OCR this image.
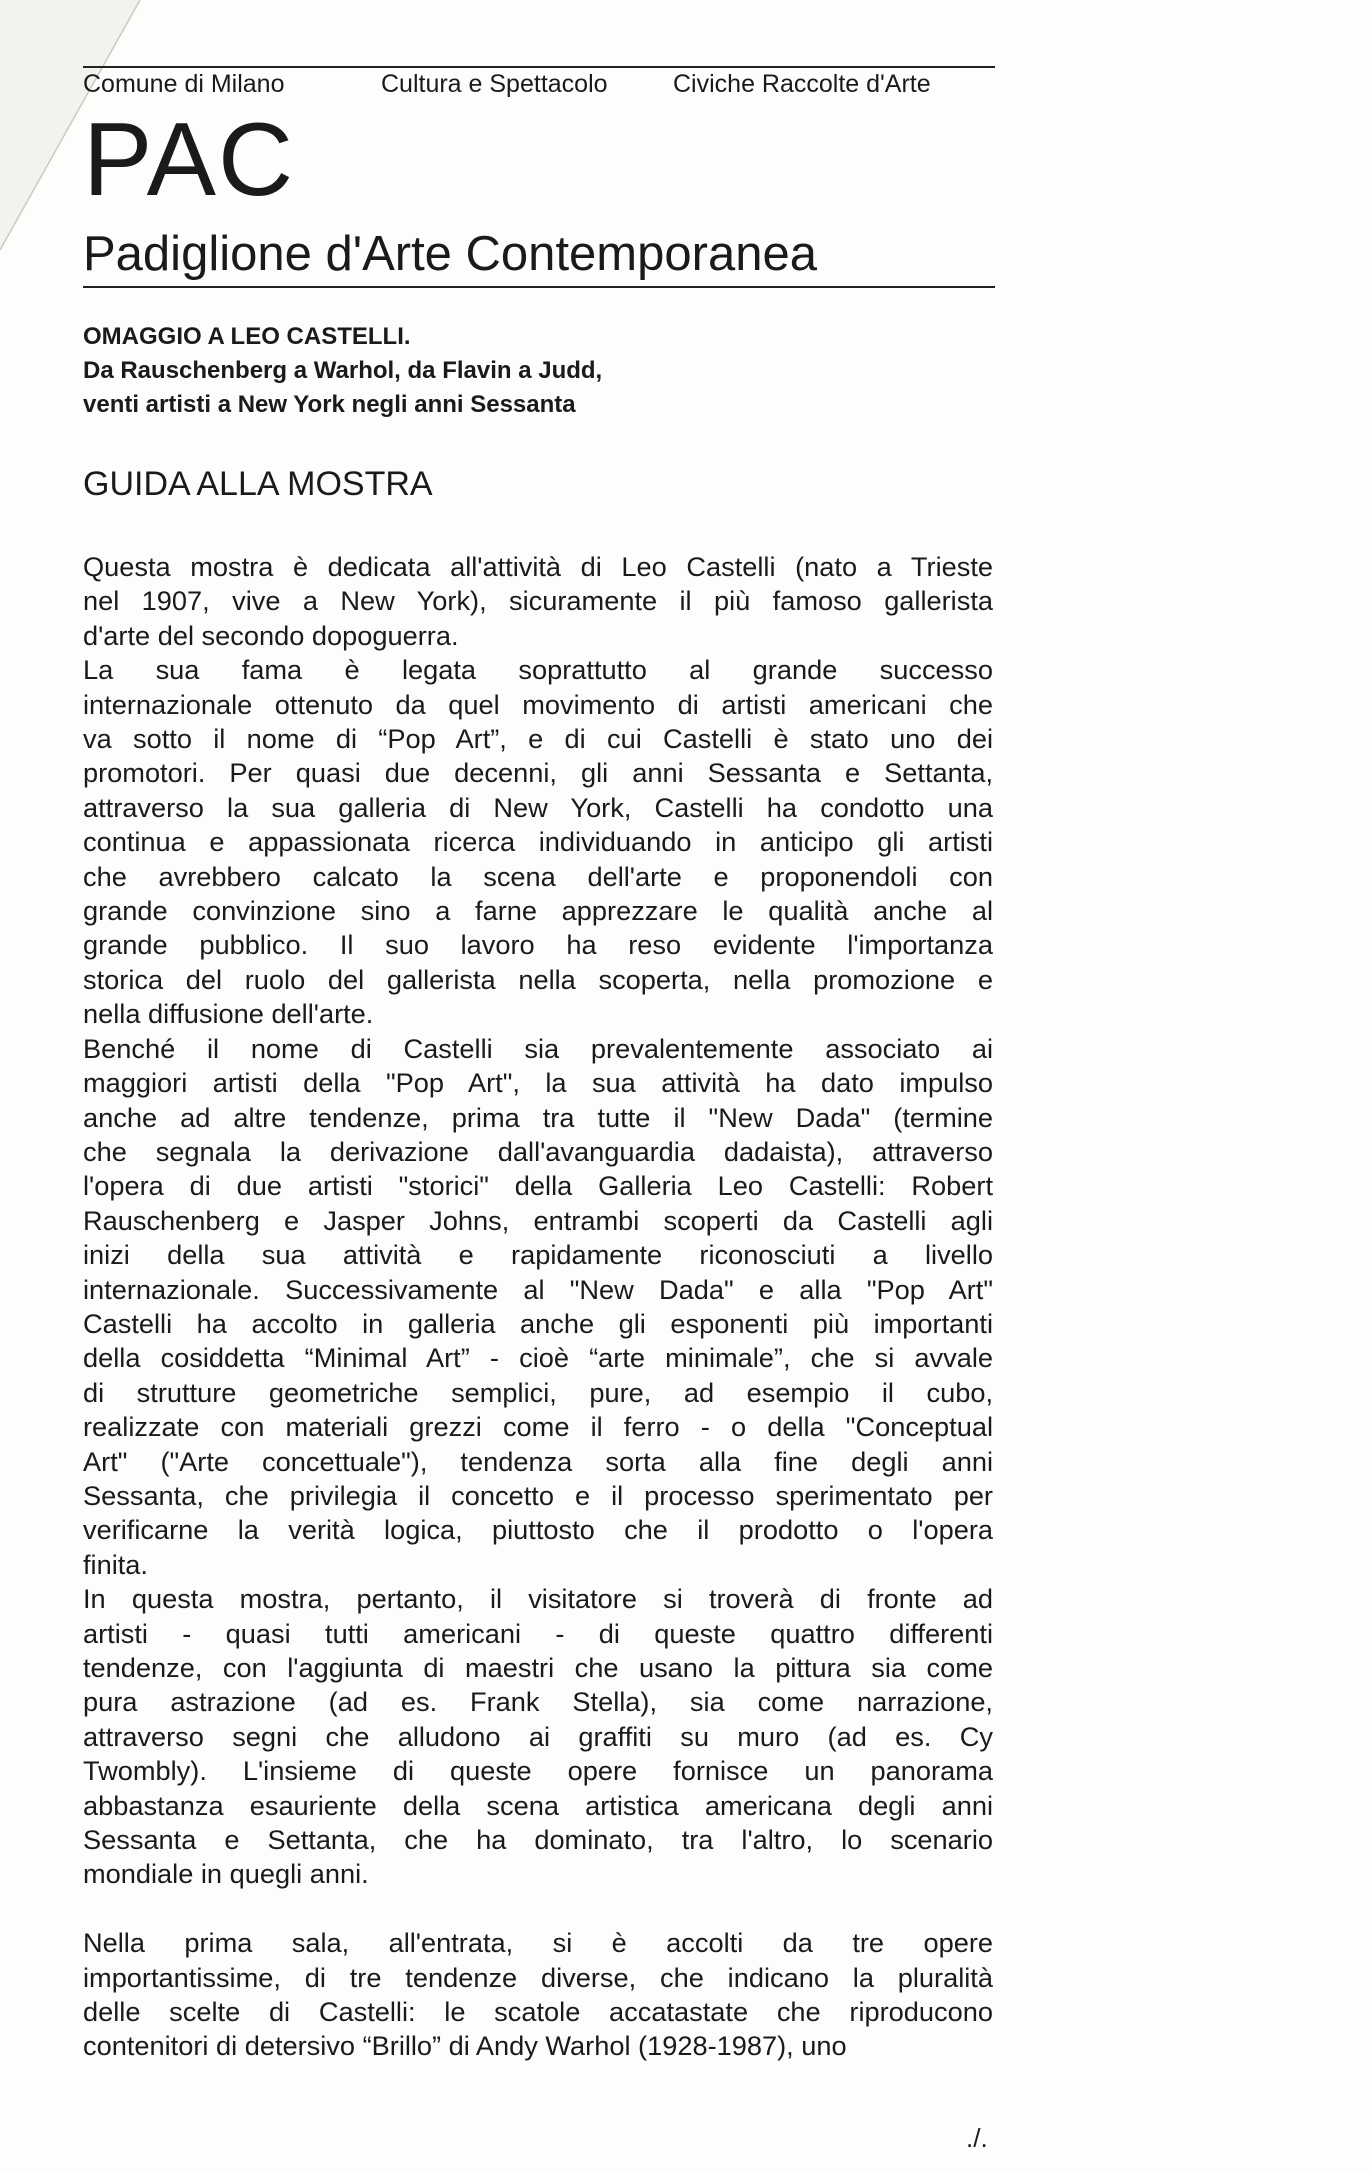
Comune di Milano	Cultura e Spettacolo	Civiche Raccolte d'Arte
PAC
Padiglione d'Arte Contemporanea
OMAGGIO A LEO CASTELLI.
Da Rauschenberg a Warhol, da Flavin a Judd,
venti artisti a New York negli anni Sessanta
GUIDA ALLA MOSTRA

Questa mostra è dedicata all'attività di Leo Castelli (nato a Trieste
nel 1907, vive a New York), sicuramente il più famoso gallerista
d'arte del secondo dopoguerra.

La sua fama è legata soprattutto al grande successo
internazionale ottenuto da quel movimento di artisti americani che
va sotto il nome di “Pop Art”, e di cui Castelli è stato uno dei
promotori. Per quasi due decenni, gli anni Sessanta e Settanta,
attraverso la sua galleria di New York, Castelli ha condotto una
continua e appassionata ricerca individuando in anticipo gli artisti
che avrebbero calcato la scena dell'arte e proponendoli con
grande convinzione sino a farne apprezzare le qualità anche al
grande pubblico. Il suo lavoro ha reso evidente l'importanza
storica del ruolo del gallerista nella scoperta, nella promozione e
nella diffusione dell'arte.

Benché il nome di Castelli sia prevalentemente associato ai
maggiori artisti della "Pop Art", la sua attività ha dato impulso
anche ad altre tendenze, prima tra tutte il "New Dada" (termine
che segnala la derivazione dall'avanguardia dadaista), attraverso
l'opera di due artisti "storici" della Galleria Leo Castelli: Robert
Rauschenberg e Jasper Johns, entrambi scoperti da Castelli agli
inizi della sua attività e rapidamente riconosciuti a livello
internazionale. Successivamente al "New Dada" e alla "Pop Art"
Castelli ha accolto in galleria anche gli esponenti più importanti
della cosiddetta “Minimal Art” - cioè “arte minimale”, che si avvale
di strutture geometriche semplici, pure, ad esempio il cubo,
realizzate con materiali grezzi come il ferro - o della "Conceptual
Art" ("Arte concettuale"), tendenza sorta alla fine degli anni
Sessanta, che privilegia il concetto e il processo sperimentato per
verificarne la verità logica, piuttosto che il prodotto o l'opera
finita.

In questa mostra, pertanto, il visitatore si troverà di fronte ad
artisti - quasi tutti americani - di queste quattro differenti
tendenze, con l'aggiunta di maestri che usano la pittura sia come
pura astrazione (ad es. Frank Stella), sia come narrazione,
attraverso segni che alludono ai graffiti su muro (ad es. Cy
Twombly). L'insieme di queste opere fornisce un panorama
abbastanza esauriente della scena artistica americana degli anni
Sessanta e Settanta, che ha dominato, tra l'altro, lo scenario
mondiale in quegli anni.

Nella prima sala, all'entrata, si è accolti da tre opere
importantissime, di tre tendenze diverse, che indicano la pluralità
delle scelte di Castelli: le scatole accatastate che riproducono
contenitori di detersivo “Brillo” di Andy Warhol (1928-1987), uno

./.
